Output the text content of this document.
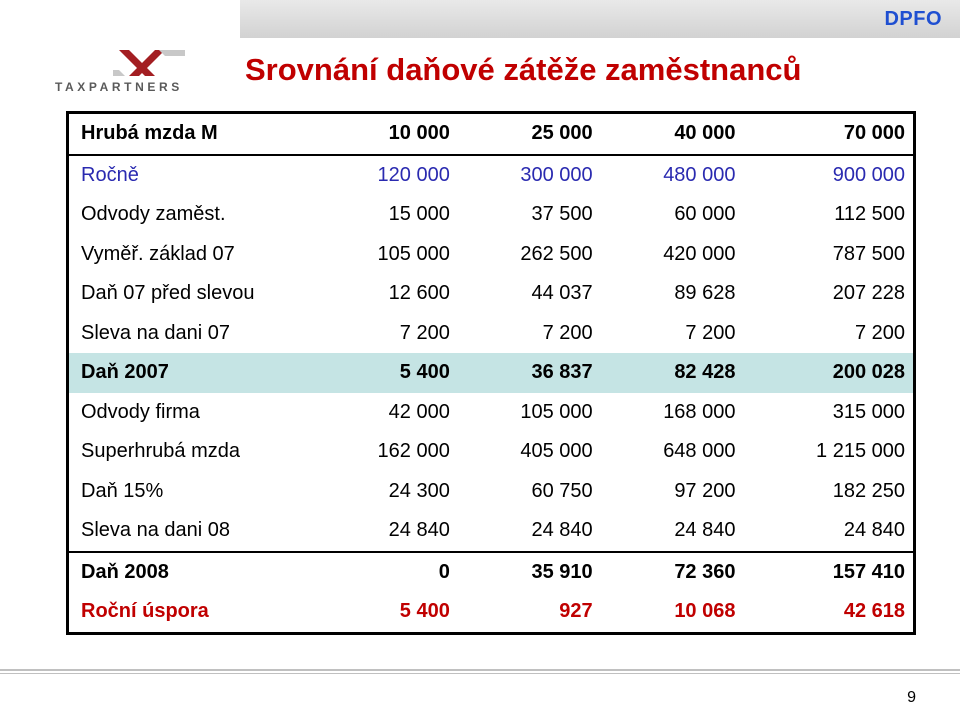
DPFO
TAXPARTNERS Srovnání daňové zátěže zaměstnanců
Hrubá mzda M	10 000	25 000	40 000	70 000
Ročně	120 000	300 000	480 000	900 000
Odvody zaměst.	15 000	37 500	60 000	112 500
Vyměř. základ 07	105 000	262 500	420 000	787 500
Daň 07 před slevou	12 600	44 037	89 628	207 228
Sleva na dani 07	7 200	7 200	7 200	7 200
Daň 2007	5 400	36 837	82 428	200 028
Odvody firma	42 000	105 000	168 000	315 000
Superhrubá mzda	162 000	405 000	648 000	1 215 000
Daň 15%	24 300	60 750	97 200	182 250
Sleva na dani 08	24 840	24 840	24 840	24 840
Daň 2008	0	35 910	72 360	157 410
Roční úspora	5 400	927	10 068	42 618
9
